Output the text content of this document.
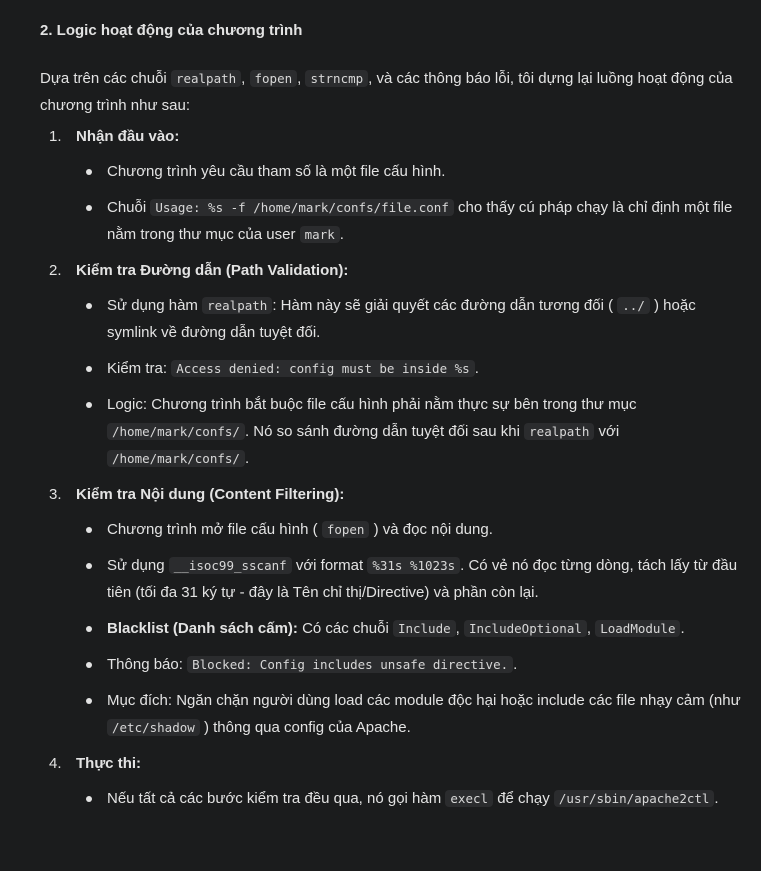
2. Logic hoạt động của chương trình

Dựa trên các chuỗi realpath , fopen , strncmp , và các thông báo lỗi, tôi dựng lại luồng hoạt động của chương trình như sau:

1. Nhận đầu vào:
Chương trình yêu cầu tham số là một file cấu hình.
Chuỗi Usage: %s -f /home/mark/confs/file.conf cho thấy cú pháp chạy là chỉ định một file nằm trong thư mục của user mark .
2. Kiểm tra Đường dẫn (Path Validation):
Sử dụng hàm realpath : Hàm này sẽ giải quyết các đường dẫn tương đối ( ../ ) hoặc symlink về đường dẫn tuyệt đối.
Kiểm tra: Access denied: config must be inside %s .
Logic: Chương trình bắt buộc file cấu hình phải nằm thực sự bên trong thư mục /home/mark/confs/ . Nó so sánh đường dẫn tuyệt đối sau khi realpath với /home/mark/confs/ .
3. Kiểm tra Nội dung (Content Filtering):
Chương trình mở file cấu hình ( fopen ) và đọc nội dung.
Sử dụng __isoc99_sscanf với format %31s %1023s . Có vẻ nó đọc từng dòng, tách lấy từ đầu tiên (tối đa 31 ký tự - đây là Tên chỉ thị/Directive) và phần còn lại.
Blacklist (Danh sách cấm): Có các chuỗi Include , IncludeOptional , LoadModule .
Thông báo: Blocked: Config includes unsafe directive. .
Mục đích: Ngăn chặn người dùng load các module độc hại hoặc include các file nhạy cảm (như /etc/shadow ) thông qua config của Apache.
4. Thực thi:
Nếu tất cả các bước kiểm tra đều qua, nó gọi hàm execl để chạy /usr/sbin/apache2ctl .
